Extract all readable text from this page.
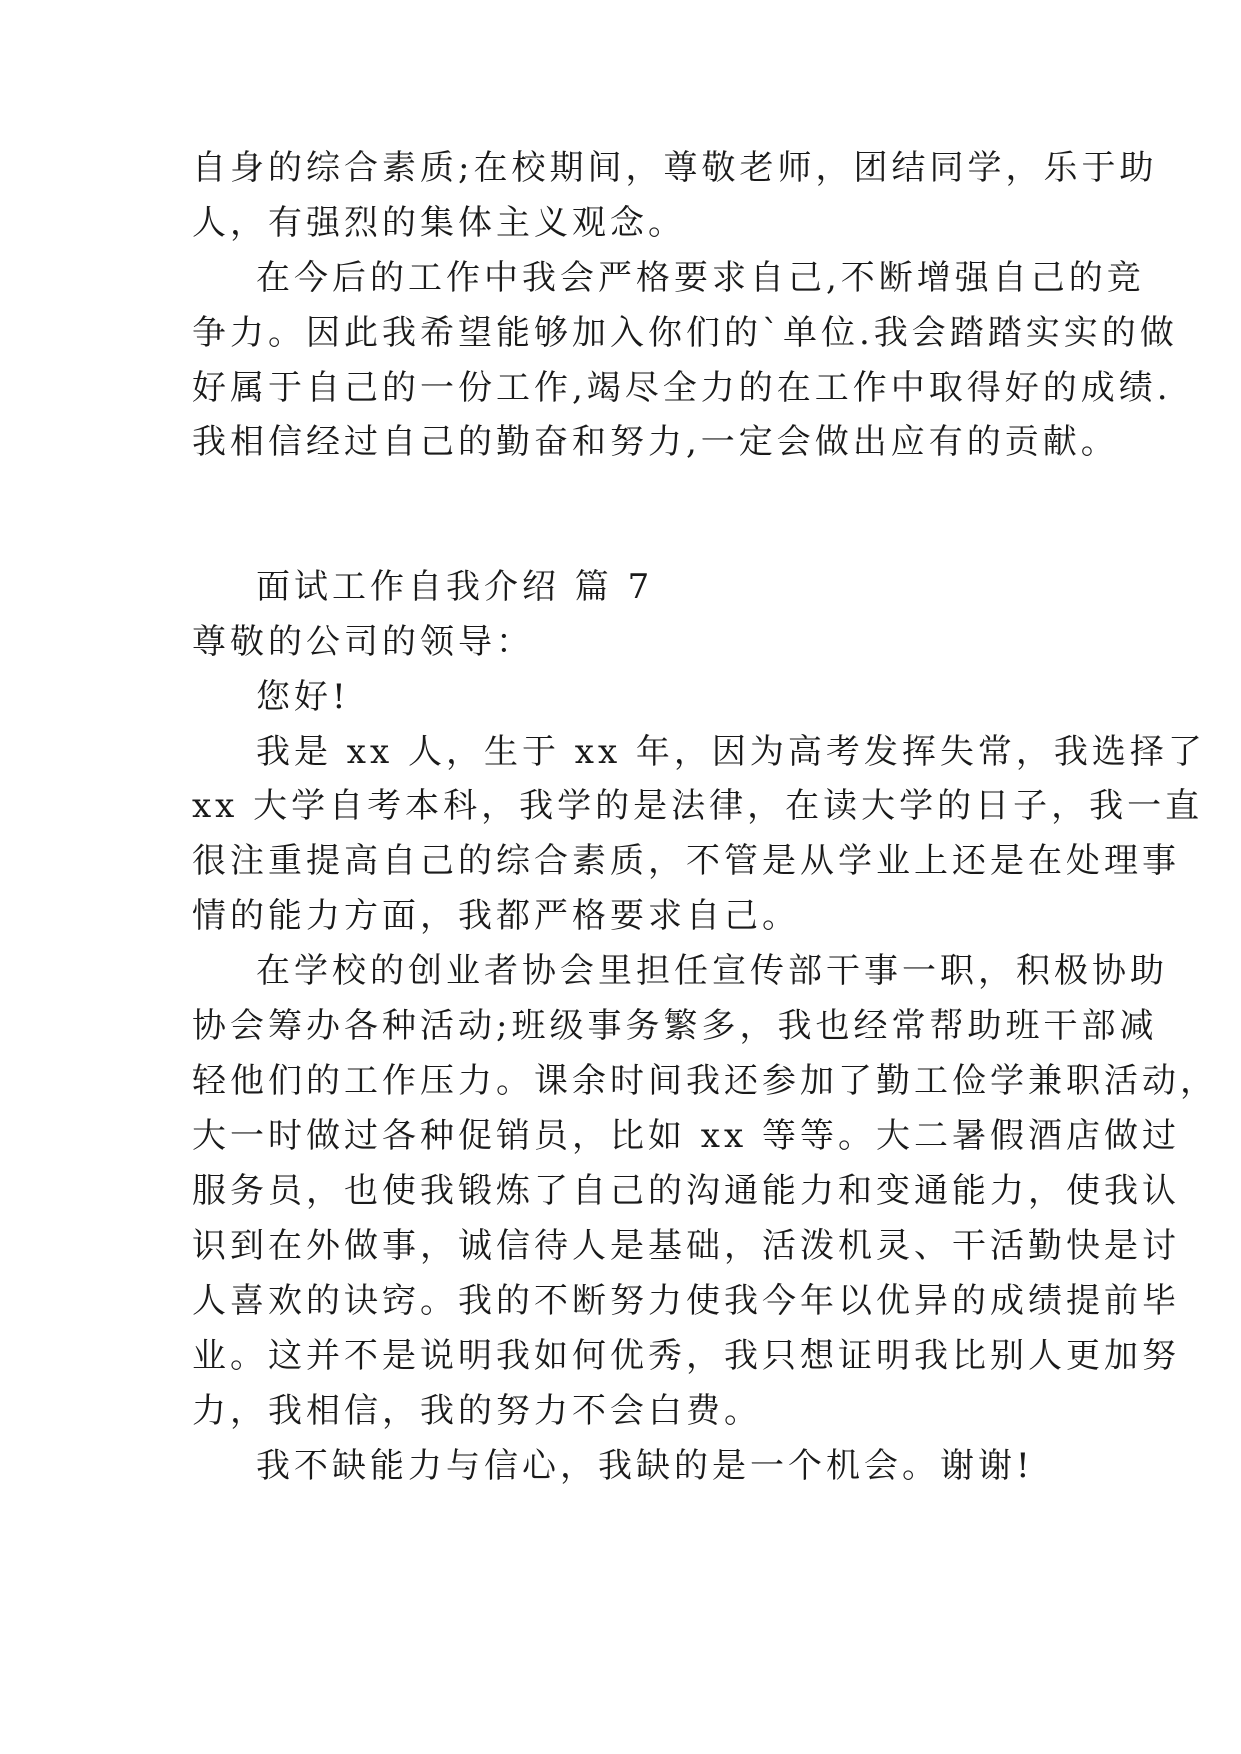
自身的综合素质;在校期间，尊敬老师，团结同学，乐于助
人，有强烈的集体主义观念。
在今后的工作中我会严格要求自己,不断增强自己的竞
争力。因此我希望能够加入你们的`单位.我会踏踏实实的做
好属于自己的一份工作,竭尽全力的在工作中取得好的成绩.
我相信经过自己的勤奋和努力,一定会做出应有的贡献。
面试工作自我介绍 篇 7
尊敬的公司的领导：
您好!
我是 xx 人，生于 xx 年，因为高考发挥失常，我选择了
xx 大学自考本科，我学的是法律，在读大学的日子，我一直
很注重提高自己的综合素质，不管是从学业上还是在处理事
情的能力方面，我都严格要求自己。
在学校的创业者协会里担任宣传部干事一职，积极协助
协会筹办各种活动;班级事务繁多，我也经常帮助班干部减
轻他们的工作压力。课余时间我还参加了勤工俭学兼职活动，
大一时做过各种促销员，比如 xx 等等。大二暑假酒店做过
服务员，也使我锻炼了自己的沟通能力和变通能力，使我认
识到在外做事，诚信待人是基础，活泼机灵、干活勤快是讨
人喜欢的诀窍。我的不断努力使我今年以优异的成绩提前毕
业。这并不是说明我如何优秀，我只想证明我比别人更加努
力，我相信，我的努力不会白费。
我不缺能力与信心，我缺的是一个机会。谢谢!
